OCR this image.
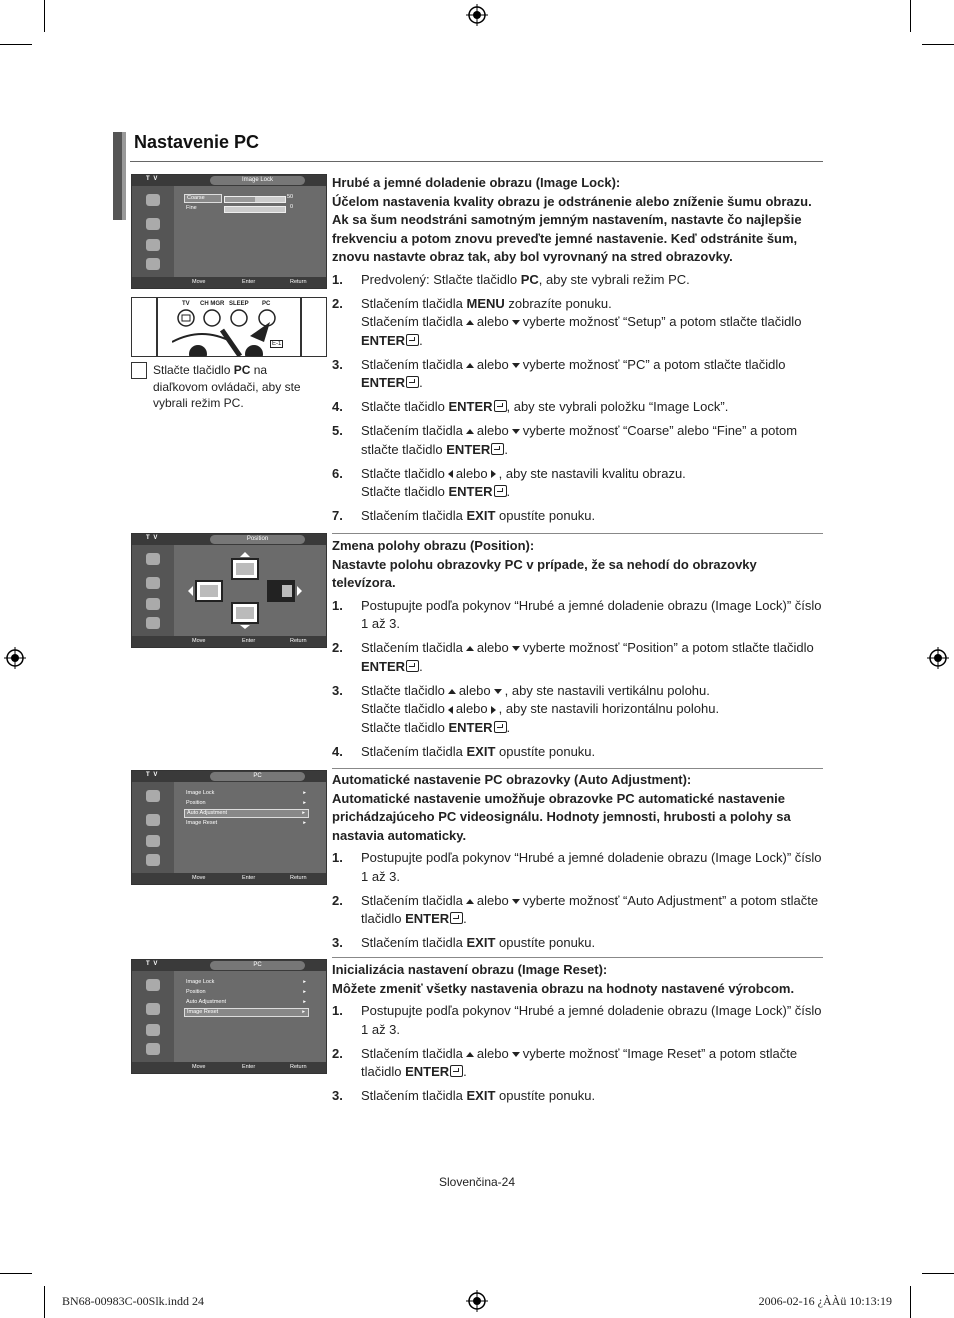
Nastavenie PC
T V	Image Lock
Coarse	50
Fine	0
Move	Enter	Return
TV CH MGR SLEEP PC
E-1
Stlačte tlačidlo PC na diaľkovom ovládači, aby ste vybrali režim PC.
Hrubé a jemné doladenie obrazu (Image Lock):
Účelom nastavenia kvality obrazu je odstránenie alebo zníženie šumu obrazu. Ak sa šum neodstráni samotným jemným nastavením, nastavte čo najlepšie frekvenciu a potom znovu preveďte jemné nastavenie. Keď odstránite šum, znovu nastavte obraz tak, aby bol vyrovnaný na stred obrazovky.
1. Predvolený: Stlačte tlačidlo PC, aby ste vybrali režim PC.
2. Stlačením tlačidla MENU zobrazíte ponuku.
Stlačením tlačidla alebo vyberte možnosť “Setup” a potom stlačte tlačidlo ENTER .
3. Stlačením tlačidla alebo vyberte možnosť “PC” a potom stlačte tlačidlo ENTER .
4. Stlačte tlačidlo ENTER , aby ste vybrali položku “Image Lock”.
5. Stlačením tlačidla alebo vyberte možnosť “Coarse” alebo “Fine” a potom stlačte tlačidlo ENTER .
6. Stlačte tlačidlo alebo , aby ste nastavili kvalitu obrazu.
Stlačte tlačidlo ENTER .
7. Stlačením tlačidla EXIT opustíte ponuku.
T V	Position
Move	Enter	Return
Zmena polohy obrazu (Position):
Nastavte polohu obrazovky PC v prípade, že sa nehodí do obrazovky televízora.
1. Postupujte podľa pokynov “Hrubé a jemné doladenie obrazu (Image Lock)” číslo 1 až 3.
2. Stlačením tlačidla alebo vyberte možnosť “Position” a potom stlačte tlačidlo ENTER .
3. Stlačte tlačidlo alebo , aby ste nastavili vertikálnu polohu.
Stlačte tlačidlo alebo , aby ste nastavili horizontálnu polohu.
Stlačte tlačidlo ENTER .
4. Stlačením tlačidla EXIT opustíte ponuku.
T V	PC
Image Lock	▸
Position	▸
Auto Adjustment	▸
Image Reset	▸
Move	Enter	Return
Automatické nastavenie PC obrazovky (Auto Adjustment):
Automatické nastavenie umožňuje obrazovke PC automatické nastavenie prichádzajúceho PC videosignálu. Hodnoty jemnosti, hrubosti a polohy sa nastavia automaticky.
1. Postupujte podľa pokynov “Hrubé a jemné doladenie obrazu (Image Lock)” číslo 1 až 3.
2. Stlačením tlačidla alebo vyberte možnosť “Auto Adjustment” a potom stlačte tlačidlo ENTER .
3. Stlačením tlačidla EXIT opustíte ponuku.
T V	PC
Image Lock	▸
Position	▸
Auto Adjustment	▸
Image Reset	▸
Move	Enter	Return
Inicializácia nastavení obrazu (Image Reset):
Môžete zmeniť všetky nastavenia obrazu na hodnoty nastavené výrobcom.
1. Postupujte podľa pokynov “Hrubé a jemné doladenie obrazu (Image Lock)” číslo 1 až 3.
2. Stlačením tlačidla alebo vyberte možnosť “Image Reset” a potom stlačte tlačidlo ENTER .
3. Stlačením tlačidla EXIT opustíte ponuku.
Slovenčina-24
BN68-00983C-00Slk.indd 24	2006-02-16 ¿ÀÀü 10:13:19
